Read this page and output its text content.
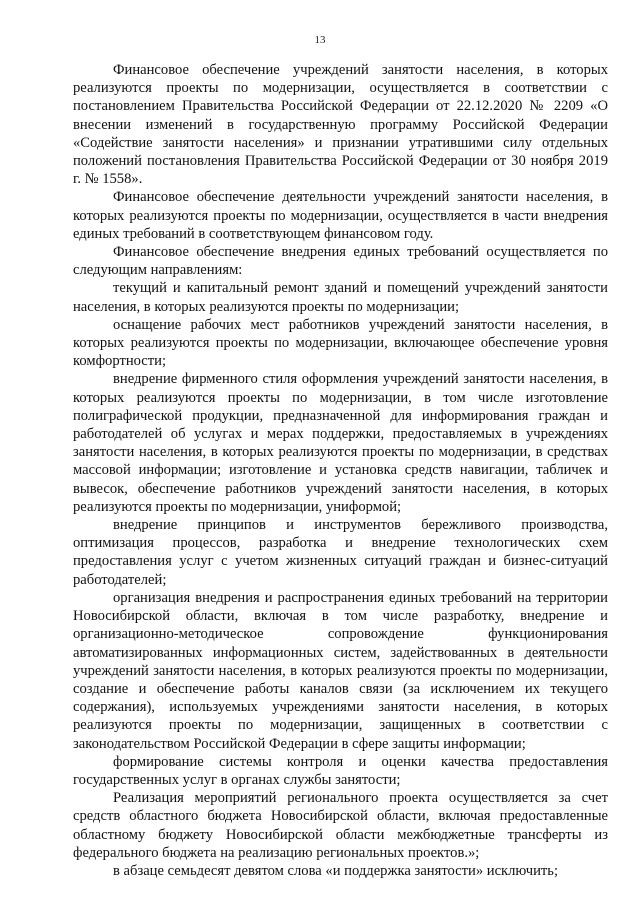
13

Финансовое обеспечение учреждений занятости населения, в которых реализуются проекты по модернизации, осуществляется в соответствии с постановлением Правительства Российской Федерации от 22.12.2020 № 2209 «О внесении изменений в государственную программу Российской Федерации «Содействие занятости населения» и признании утратившими силу отдельных положений постановления Правительства Российской Федерации от 30 ноября 2019 г. № 1558».

Финансовое обеспечение деятельности учреждений занятости населения, в которых реализуются проекты по модернизации, осуществляется в части внедрения единых требований в соответствующем финансовом году.

Финансовое обеспечение внедрения единых требований осуществляется по следующим направлениям:

текущий и капитальный ремонт зданий и помещений учреждений занятости населения, в которых реализуются проекты по модернизации;

оснащение рабочих мест работников учреждений занятости населения, в которых реализуются проекты по модернизации, включающее обеспечение уровня комфортности;

внедрение фирменного стиля оформления учреждений занятости населения, в которых реализуются проекты по модернизации, в том числе изготовление полиграфической продукции, предназначенной для информирования граждан и работодателей об услугах и мерах поддержки, предоставляемых в учреждениях занятости населения, в которых реализуются проекты по модернизации, в средствах массовой информации; изготовление и установка средств навигации, табличек и вывесок, обеспечение работников учреждений занятости населения, в которых реализуются проекты по модернизации, униформой;

внедрение принципов и инструментов бережливого производства, оптимизация процессов, разработка и внедрение технологических схем предоставления услуг с учетом жизненных ситуаций граждан и бизнес-ситуаций работодателей;

организация внедрения и распространения единых требований на территории Новосибирской области, включая в том числе разработку, внедрение и организационно-методическое сопровождение функционирования автоматизированных информационных систем, задействованных в деятельности учреждений занятости населения, в которых реализуются проекты по модернизации, создание и обеспечение работы каналов связи (за исключением их текущего содержания), используемых учреждениями занятости населения, в которых реализуются проекты по модернизации, защищенных в соответствии с законодательством Российской Федерации в сфере защиты информации;

формирование системы контроля и оценки качества предоставления государственных услуг в органах службы занятости;

Реализация мероприятий регионального проекта осуществляется за счет средств областного бюджета Новосибирской области, включая предоставленные областному бюджету Новосибирской области межбюджетные трансферты из федерального бюджета на реализацию региональных проектов.»;

в абзаце семьдесят девятом слова «и поддержка занятости» исключить;
